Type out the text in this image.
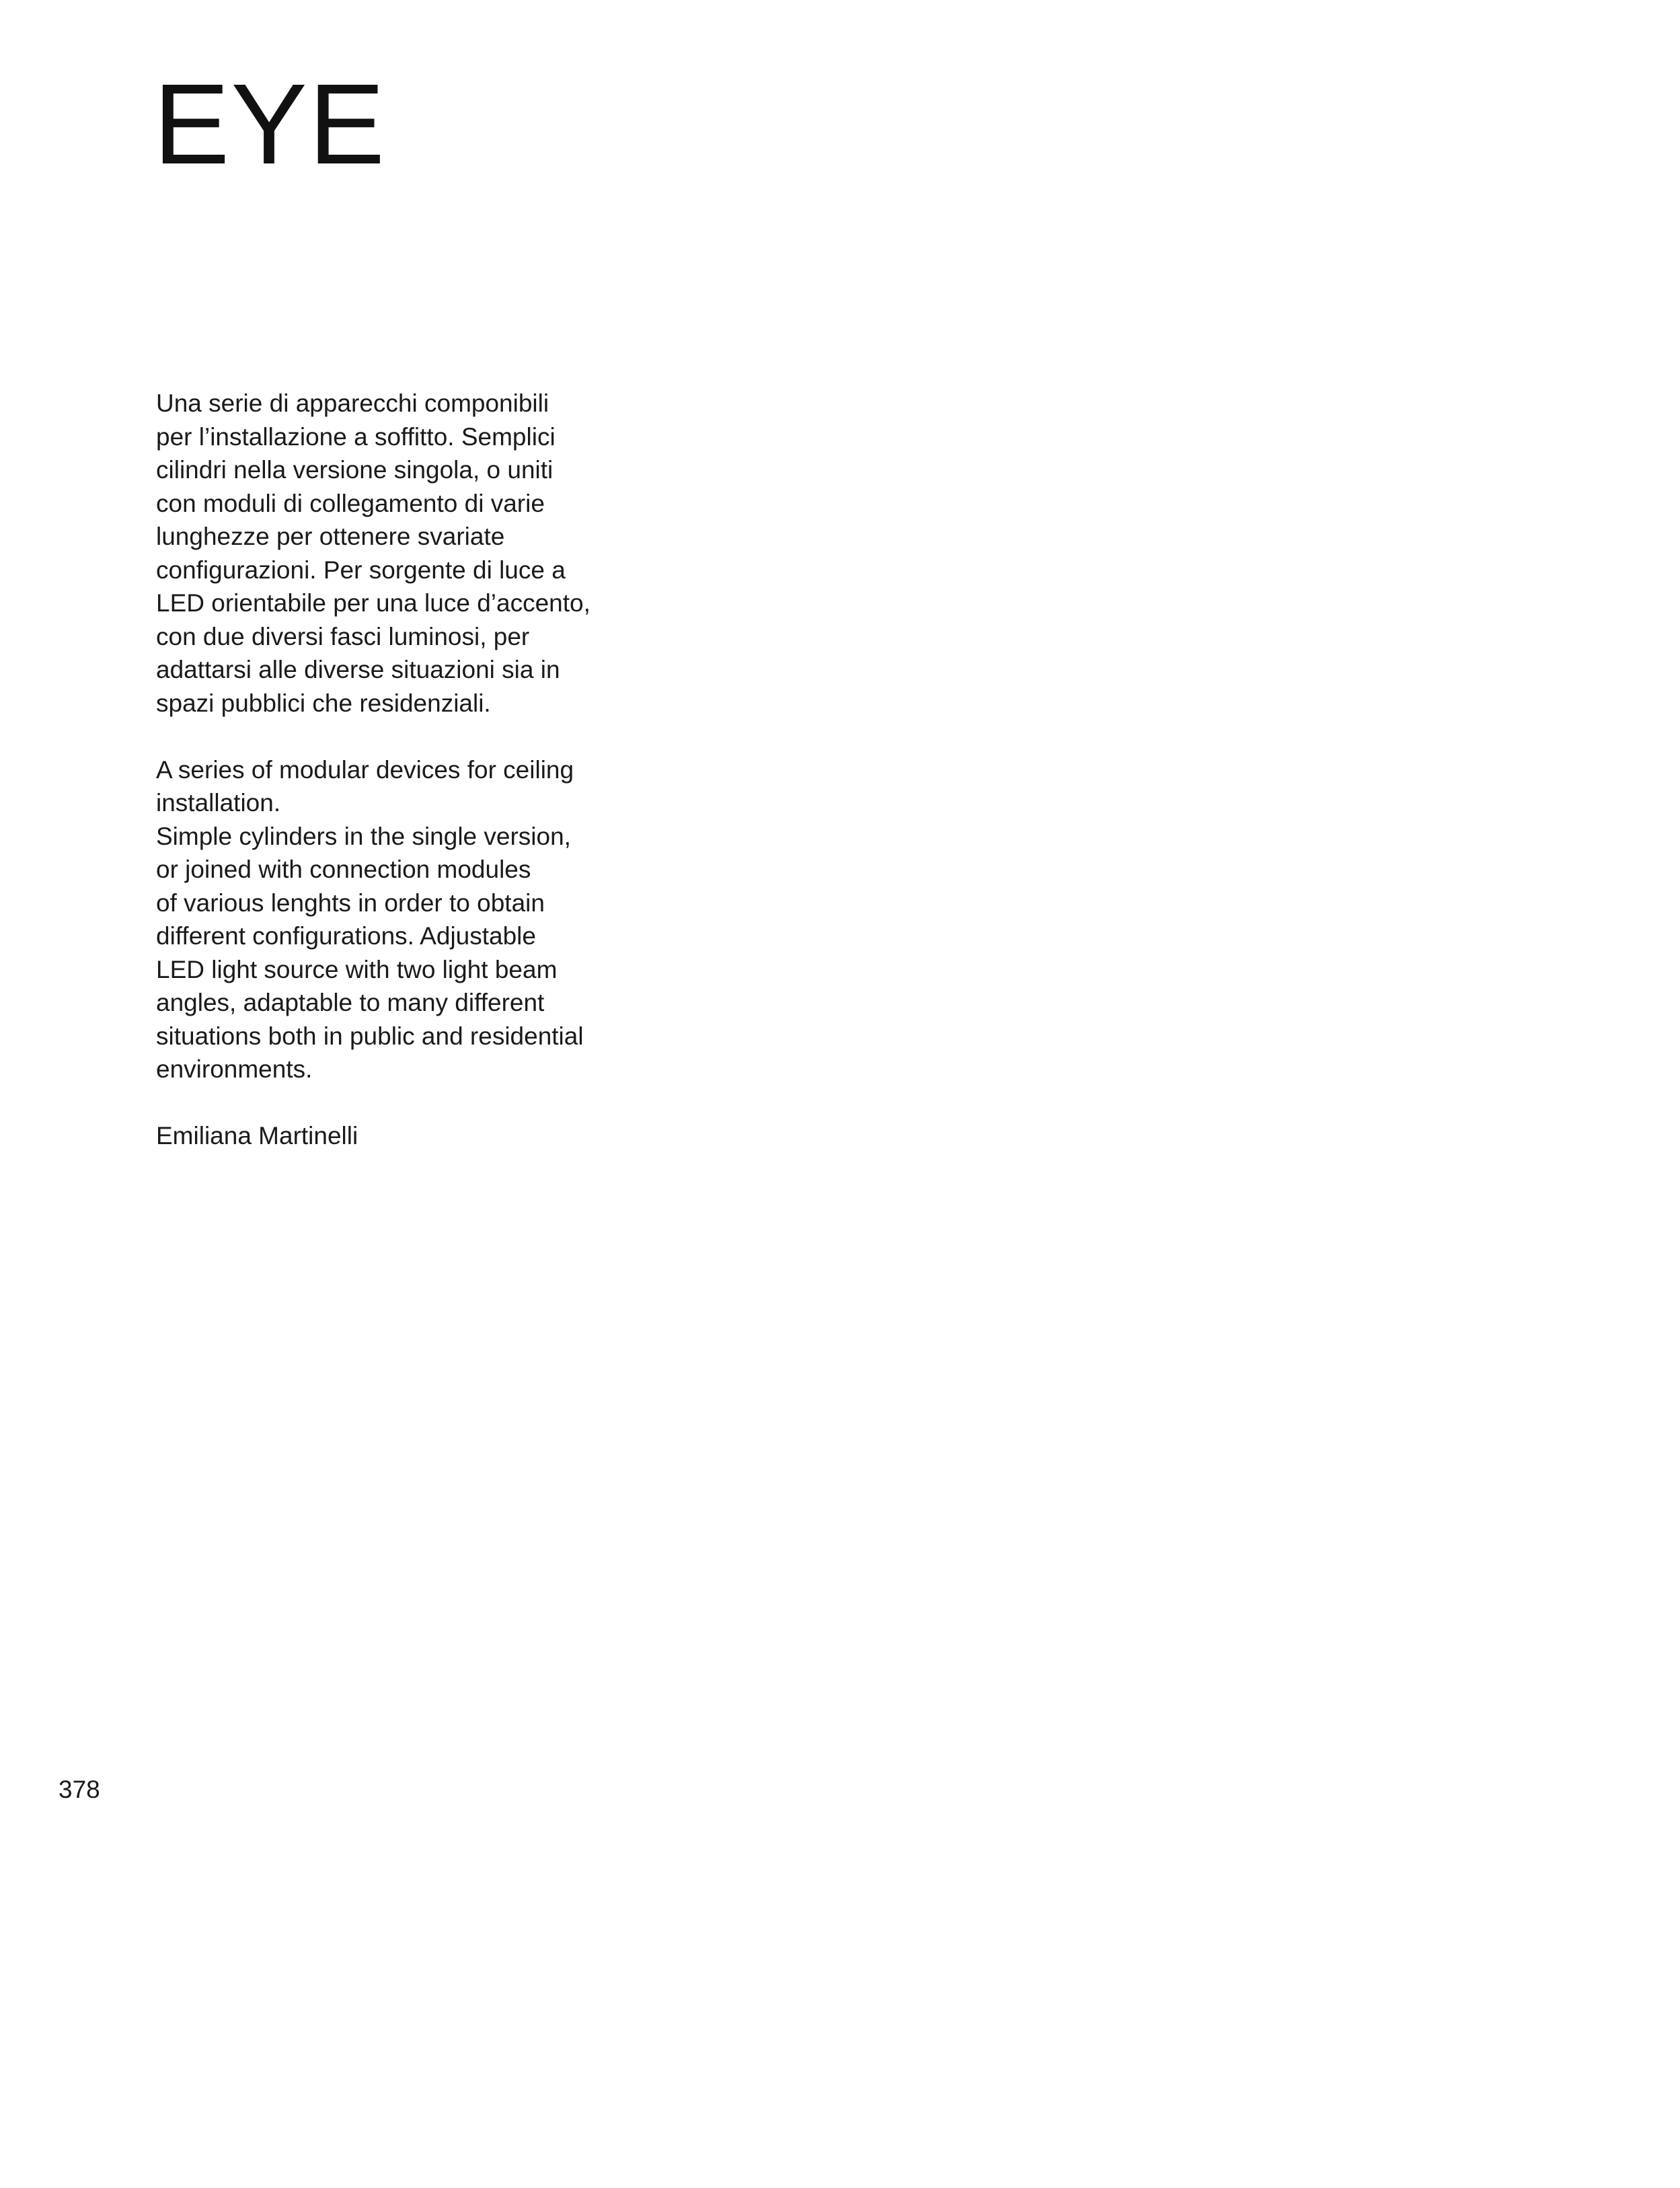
EYE

Una serie di apparecchi componibili
per l’installazione a soffitto. Semplici
cilindri nella versione singola, o uniti
con moduli di collegamento di varie
lunghezze per ottenere svariate
configurazioni. Per sorgente di luce a
LED orientabile per una luce d’accento,
con due diversi fasci luminosi, per
adattarsi alle diverse situazioni sia in
spazi pubblici che residenziali.

A series of modular devices for ceiling
installation.
Simple cylinders in the single version,
or joined with connection modules
of various lenghts in order to obtain
different configurations. Adjustable
LED light source with two light beam
angles, adaptable to many different
situations both in public and residential
environments.

Emiliana Martinelli

378
